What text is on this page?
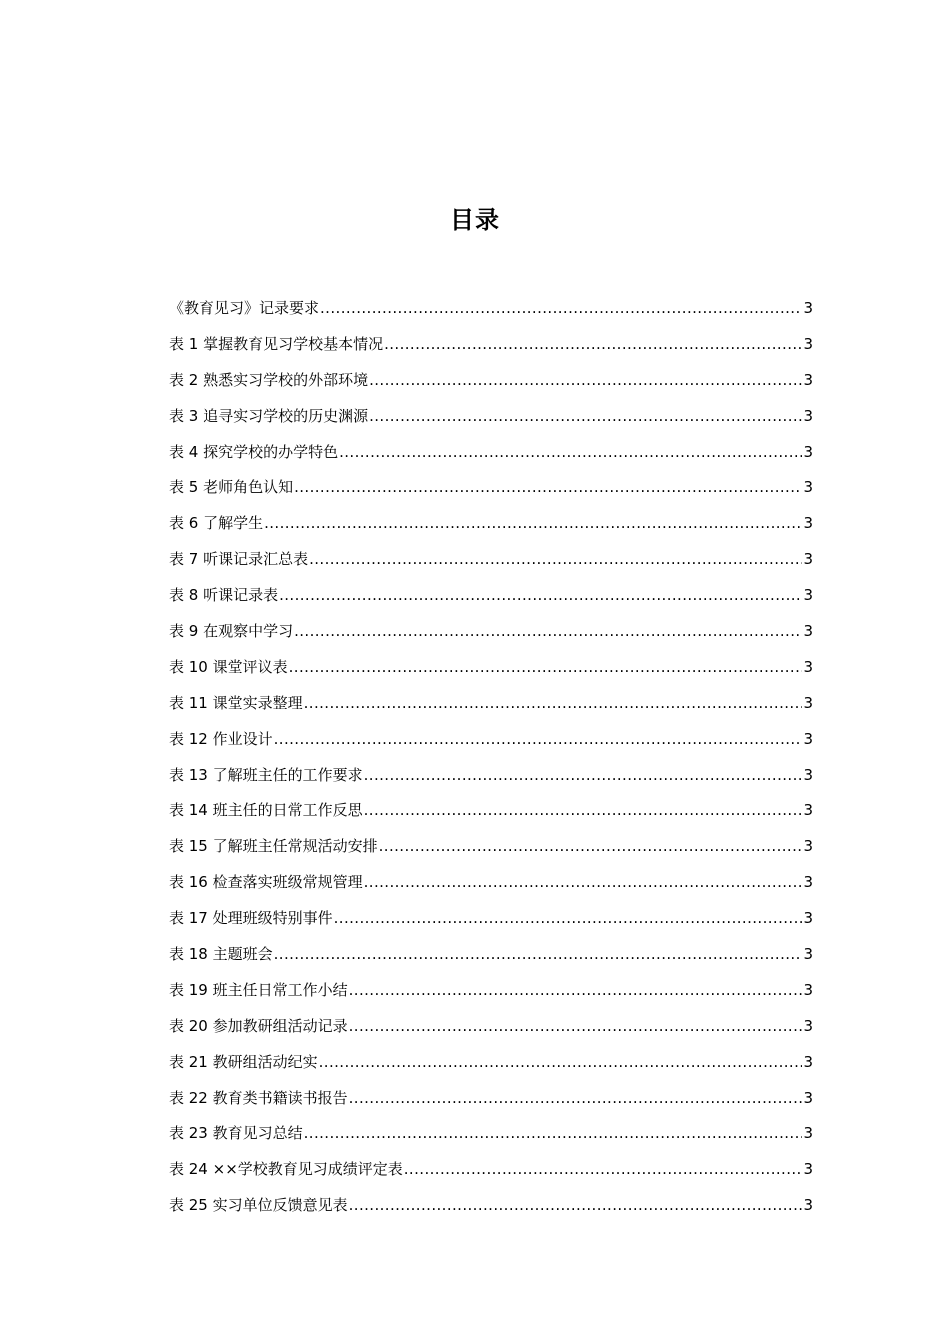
目录
《教育见习》记录要求 .....	3
表 1 掌握教育见习学校基本情况 .....	3
表 2 熟悉实习学校的外部环境 .....	3
表 3 追寻实习学校的历史渊源 .....	3
表 4 探究学校的办学特色 .....	3
表 5 老师角色认知 .....	3
表 6 了解学生 .....	3
表 7 听课记录汇总表 .....	3
表 8 听课记录表 .....	3
表 9 在观察中学习 .....	3
表 10 课堂评议表 .....	3
表 11 课堂实录整理 .....	3
表 12 作业设计 .....	3
表 13 了解班主任的工作要求 .....	3
表 14 班主任的日常工作反思 .....	3
表 15 了解班主任常规活动安排 .....	3
表 16 检查落实班级常规管理 .....	3
表 17 处理班级特别事件 .....	3
表 18 主题班会 .....	3
表 19 班主任日常工作小结 .....	3
表 20 参加教研组活动记录 .....	3
表 21 教研组活动纪实 .....	3
表 22 教育类书籍读书报告 .....	3
表 23 教育见习总结 .....	3
表 24 ××学校教育见习成绩评定表 .....	3
表 25 实习单位反馈意见表 .....	3
